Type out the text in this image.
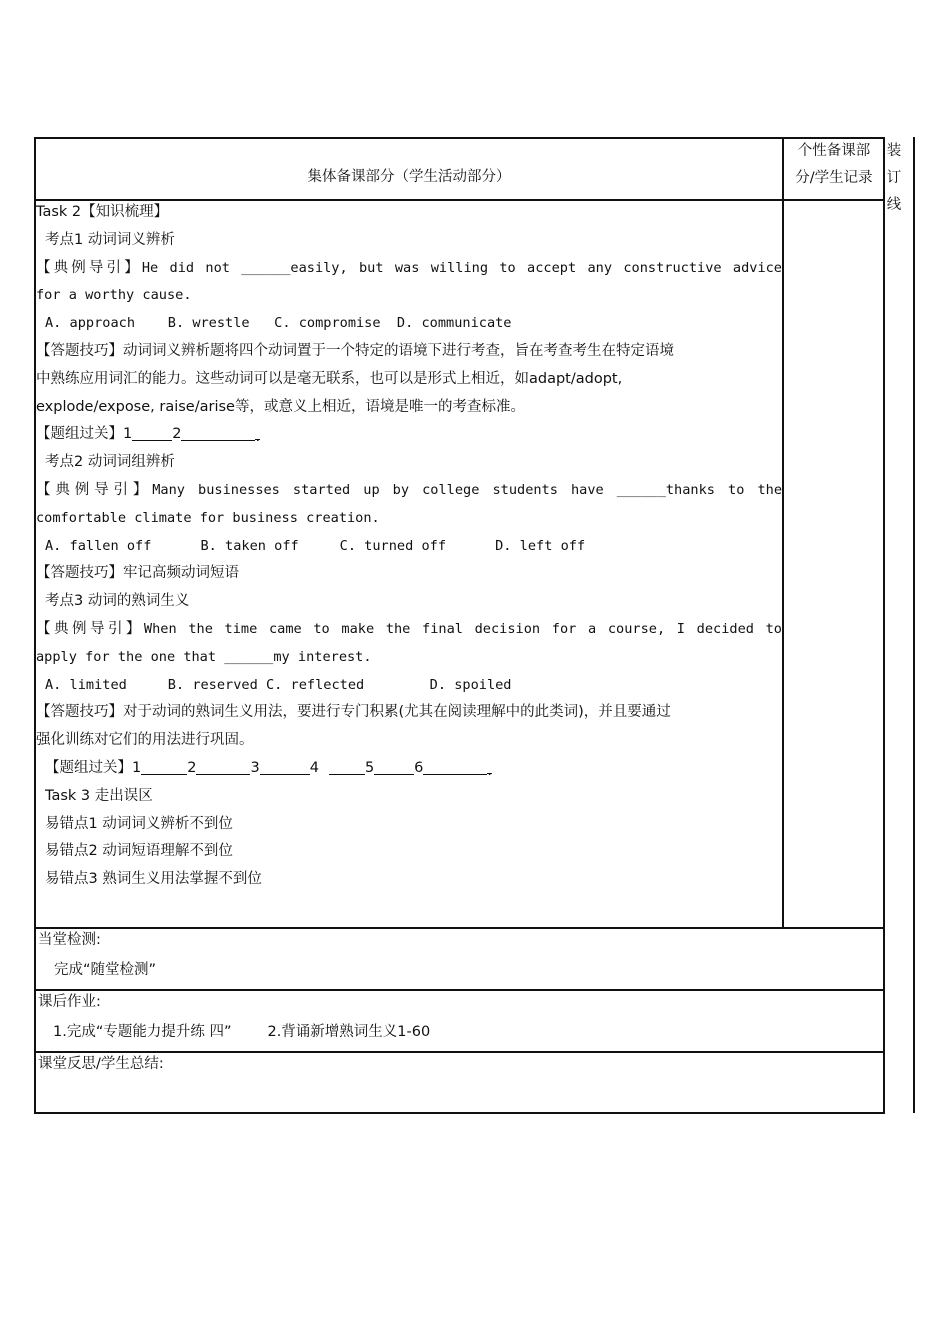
集体备课部分（学生活动部分）
个性备课部
分/学生记录
装
订
线
Task 2【知识梳理】
考点1 动词词义辨析
【典例导引】He did not ______easily, but was willing to accept any constructive advice
for a worthy cause.
A. approach    B. wrestle   C. compromise  D. communicate
【答题技巧】动词词义辨析题将四个动词置于一个特定的语境下进行考查，旨在考查考生在特定语境
中熟练应用词汇的能力。这些动词可以是毫无联系，也可以是形式上相近，如adapt/adopt,
explode/expose, raise/arise等，或意义上相近，语境是唯一的考查标准。
【题组过关】1	2	.
考点2 动词词组辨析
【典例导引】Many businesses started up by college students have ______thanks to the
comfortable climate for business creation.
A. fallen off      B. taken off     C. turned off      D. left off
【答题技巧】牢记高频动词短语
考点3 动词的熟词生义
【典例导引】When the time came to make the final decision for a course, I decided to
apply for the one that ______my interest.
A. limited     B. reserved C. reflected        D. spoiled
【答题技巧】对于动词的熟词生义用法，要进行专门积累(尤其在阅读理解中的此类词)，并且要通过
强化训练对它们的用法进行巩固。
【题组过关】1	2	3	4	5	6	.
Task 3 走出误区
易错点1 动词词义辨析不到位
易错点2 动词短语理解不到位
易错点3 熟词生义用法掌握不到位
当堂检测:
完成“随堂检测”
课后作业:
1.完成“专题能力提升练 四” 2.背诵新增熟词生义1-60
课堂反思/学生总结:
